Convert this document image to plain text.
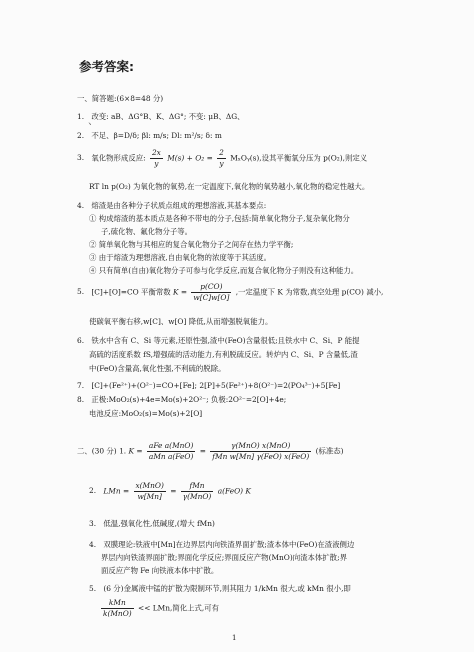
参考答案:
一、简答题:(6×8=48 分)
1. 改变: aB、ΔG°B、K、ΔG°; 不变: μB、ΔG、
ヽ
2. 不足、β=D/δ; βl: m/s; Dl: m²/s; δ: m
3. 氧化物形成反应: $\frac{2x}{y} M(s) + O_2 = \frac{2}{y}$ MₓOᵧ(s),设其平衡氧分压为 p(O₂),则定义
RT ln p(O₂) 为氧化物的氧势,在一定温度下,氧化物的氧势越小,氧化物的稳定性越大。
4. 熔渣是由各种分子状质点组成的理想溶液,其基本要点:
① 构成熔渣的基本质点是各种不带电的分子,包括:简单氧化物分子,复杂氧化物分
子,硫化物、氟化物分子等。
② 简单氧化物与其相应的复合氧化物分子之间存在热力学平衡;
③ 由于熔渣为理想溶液,自由氧化物的浓度等于其活度。
④ 只有简单(自由)氧化物分子可参与化学反应,而复合氧化物分子则没有这种能力。
5. [C]+[O]=CO 平衡常数 $K = \frac{p(CO)}{w[C]w[O]}$ ,一定温度下 K 为常数,真空处理 p(CO) 减小,
使碳氧平衡右移,w[C]、w[O] 降低,从而增强脱氧能力。
6. 铁水中含有 C、Si 等元素,还原性强,渣中(FeO)含量很低;且铁水中 C、Si、P 能提
高硫的活度系数 fS,增强硫的活动能力,有利脱硫反应。转炉内 C、Si、P 含量低,渣
中(FeO)含量高,氧化性强,不利硫的脱除。
7. [C]+(Fe²⁺)+(O²⁻)=CO+[Fe]; 2[P]+5(Fe²⁺)+8(O²⁻)=2(PO₄³⁻)+5[Fe]
8. 正极:MoO₂(s)+4e=Mo(s)+2O²⁻; 负极:2O²⁻=2[O]+4e;
电池反应:MoO₂(s)=Mo(s)+2[O]
二、(30 分) 1. $K = \frac{\text{aFe a(MnO)}}{\text{aMn a(FeO)}} = \frac{\text{γ(MnO) x(MnO)}}{\text{fMn w[Mn] γ(FeO) x(FeO)}}$ (标准态)
2. LMn = $\frac{\text{x(MnO)}}{w[Mn]} = \frac{\text{fMn}}{\text{γ(MnO)}} a(FeO)$ K
3. 低温,强氧化性,低碱度,(增大 fMn)
4. 双膜理论:铁液中[Mn]在边界层内向铁渣界面扩散;渣本体中(FeO)在渣液侧边
界层内向铁渣界面扩散;界面化学反应;界面反应产物(MnO)向渣本体扩散;界
面反应产物 Fe 向铁液本体中扩散。
5. (6 分)金属液中锰的扩散为限制环节,则其阻力 1/kMn 很大,或 kMn 很小,即
$\frac{\text{kMn}}{\text{k(MnO)}}$ << LMn,简化上式,可有
1
